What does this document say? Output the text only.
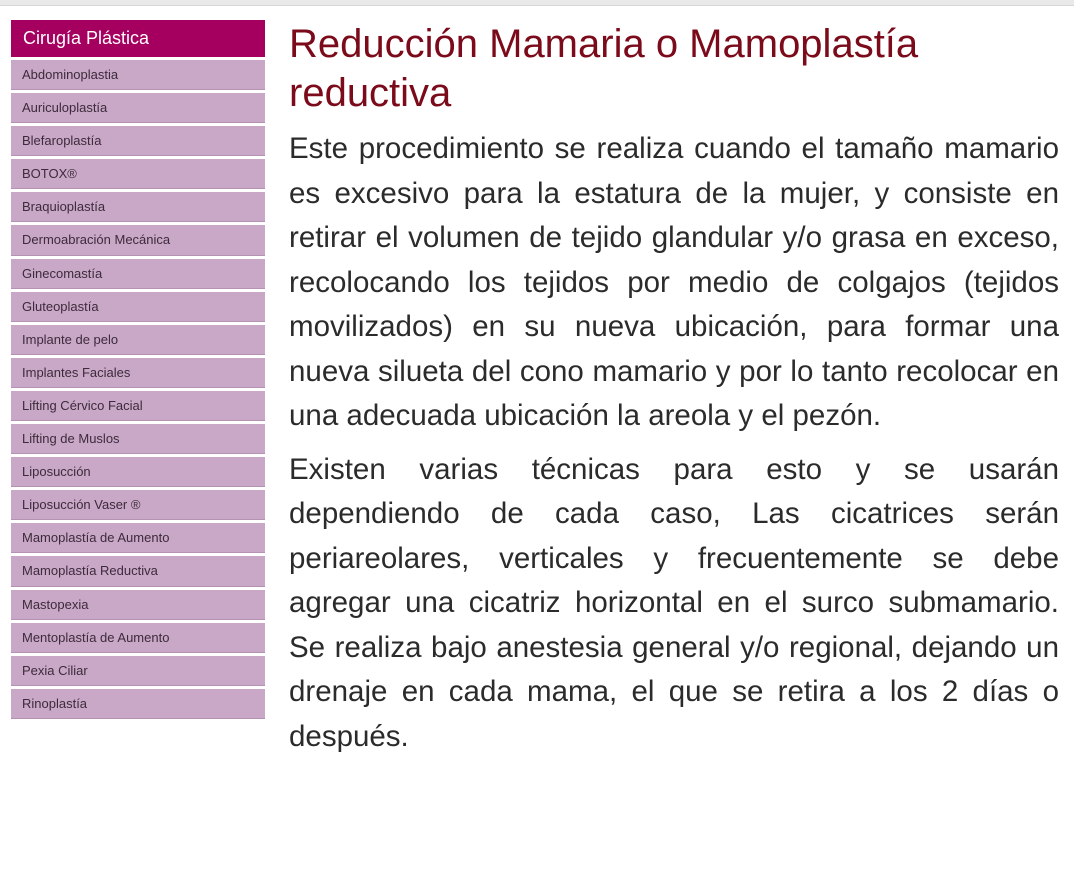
Cirugía Plástica
Abdominoplastia
Auriculoplastía
Blefaroplastía
BOTOX®
Braquioplastía
Dermoabración Mecánica
Ginecomastía
Gluteoplastía
Implante de pelo
Implantes Faciales
Lifting Cérvico Facial
Lifting de Muslos
Liposucción
Liposucción Vaser ®
Mamoplastía de Aumento
Mamoplastía Reductiva
Mastopexia
Mentoplastía de Aumento
Pexia Ciliar
Rinoplastía
Reducción Mamaria o Mamoplastía reductiva

Este procedimiento se realiza cuando el tamaño mamario es excesivo para la estatura de la mujer, y consiste en retirar el volumen de tejido glandular y/o grasa en exceso, recolocando los tejidos por medio de colgajos (tejidos movilizados) en su nueva ubicación, para formar una nueva silueta del cono mamario y por lo tanto recolocar en una adecuada ubicación la areola y el pezón.

Existen varias técnicas para esto y se usarán dependiendo de cada caso, Las cicatrices serán periareolares, verticales y frecuentemente se debe agregar una cicatriz horizontal en el surco submamario. Se realiza bajo anestesia general y/o regional, dejando un drenaje en cada mama, el que se retira a los 2 días o después.
